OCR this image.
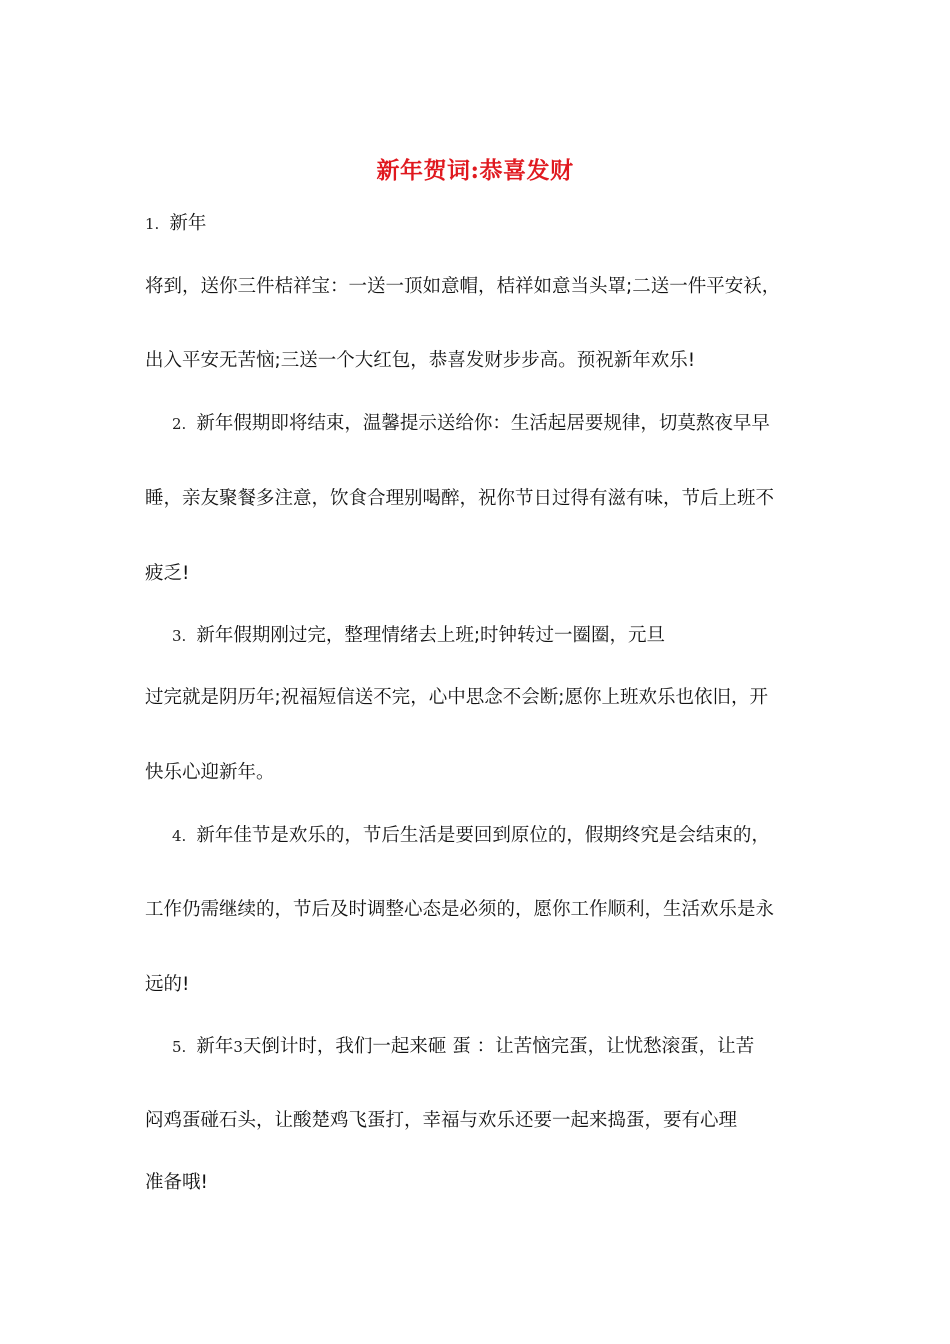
新年贺词:恭喜发财
1. 新年
将到，送你三件桔祥宝：一送一顶如意帽，桔祥如意当头罩;二送一件平安袄，
出入平安无苦恼;三送一个大红包，恭喜发财步步高。预祝新年欢乐!
2. 新年假期即将结束，温馨提示送给你：生活起居要规律，切莫熬夜早早
睡，亲友聚餐多注意，饮食合理别喝醉，祝你节日过得有滋有味，节后上班不
疲乏!
3. 新年假期刚过完，整理情绪去上班;时钟转过一圈圈，元旦
过完就是阴历年;祝福短信送不完，心中思念不会断;愿你上班欢乐也依旧，开
快乐心迎新年。
4. 新年佳节是欢乐的，节后生活是要回到原位的，假期终究是会结束的，
工作仍需继续的，节后及时调整心态是必须的，愿你工作顺利，生活欢乐是永
远的!
5. 新年3天倒计时，我们一起来砸 蛋 ：让苦恼完蛋，让忧愁滚蛋，让苦
闷鸡蛋碰石头，让酸楚鸡飞蛋打，幸福与欢乐还要一起来捣蛋，要有心理
准备哦!
